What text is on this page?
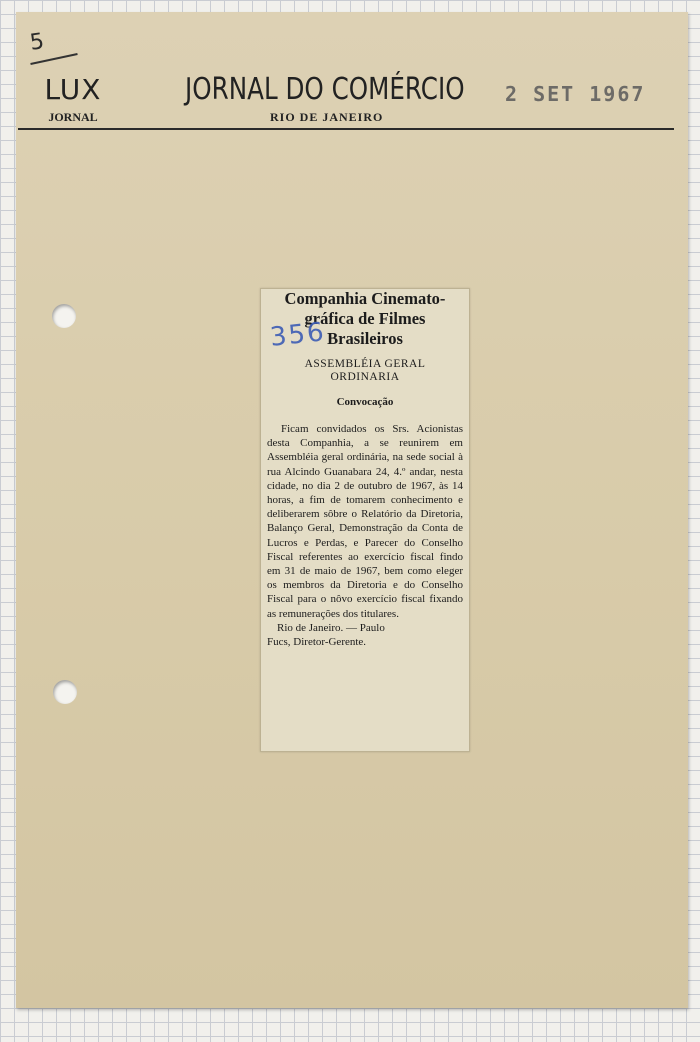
5
LUX
JORNAL
JORNAL DO COMÉRCIO
RIO DE JANEIRO
2 SET 1967
Companhia Cinemato-
gráfica de Filmes
Brasileiros
ASSEMBLÉIA GERAL
ORDINARIA
Convocação

Ficam convidados os Srs. Acionistas desta Companhia, a se reunirem em Assembléia geral ordinária, na sede social à rua Alcindo Guanabara 24, 4.º andar, nesta cidade, no dia 2 de outubro de 1967, às 14 horas, a fim de tomarem conhecimento e deliberarem sôbre o Relatório da Diretoria, Balanço Geral, Demonstração da Conta de Lucros e Perdas, e Parecer do Conselho Fiscal referentes ao exercício fiscal findo em 31 de maio de 1967, bem como eleger os membros da Diretoria e do Conselho Fiscal para o nôvo exercício fiscal fixando as remunerações dos titulares.

Rio de Janeiro. — Paulo
Fucs, Diretor-Gerente.
356
